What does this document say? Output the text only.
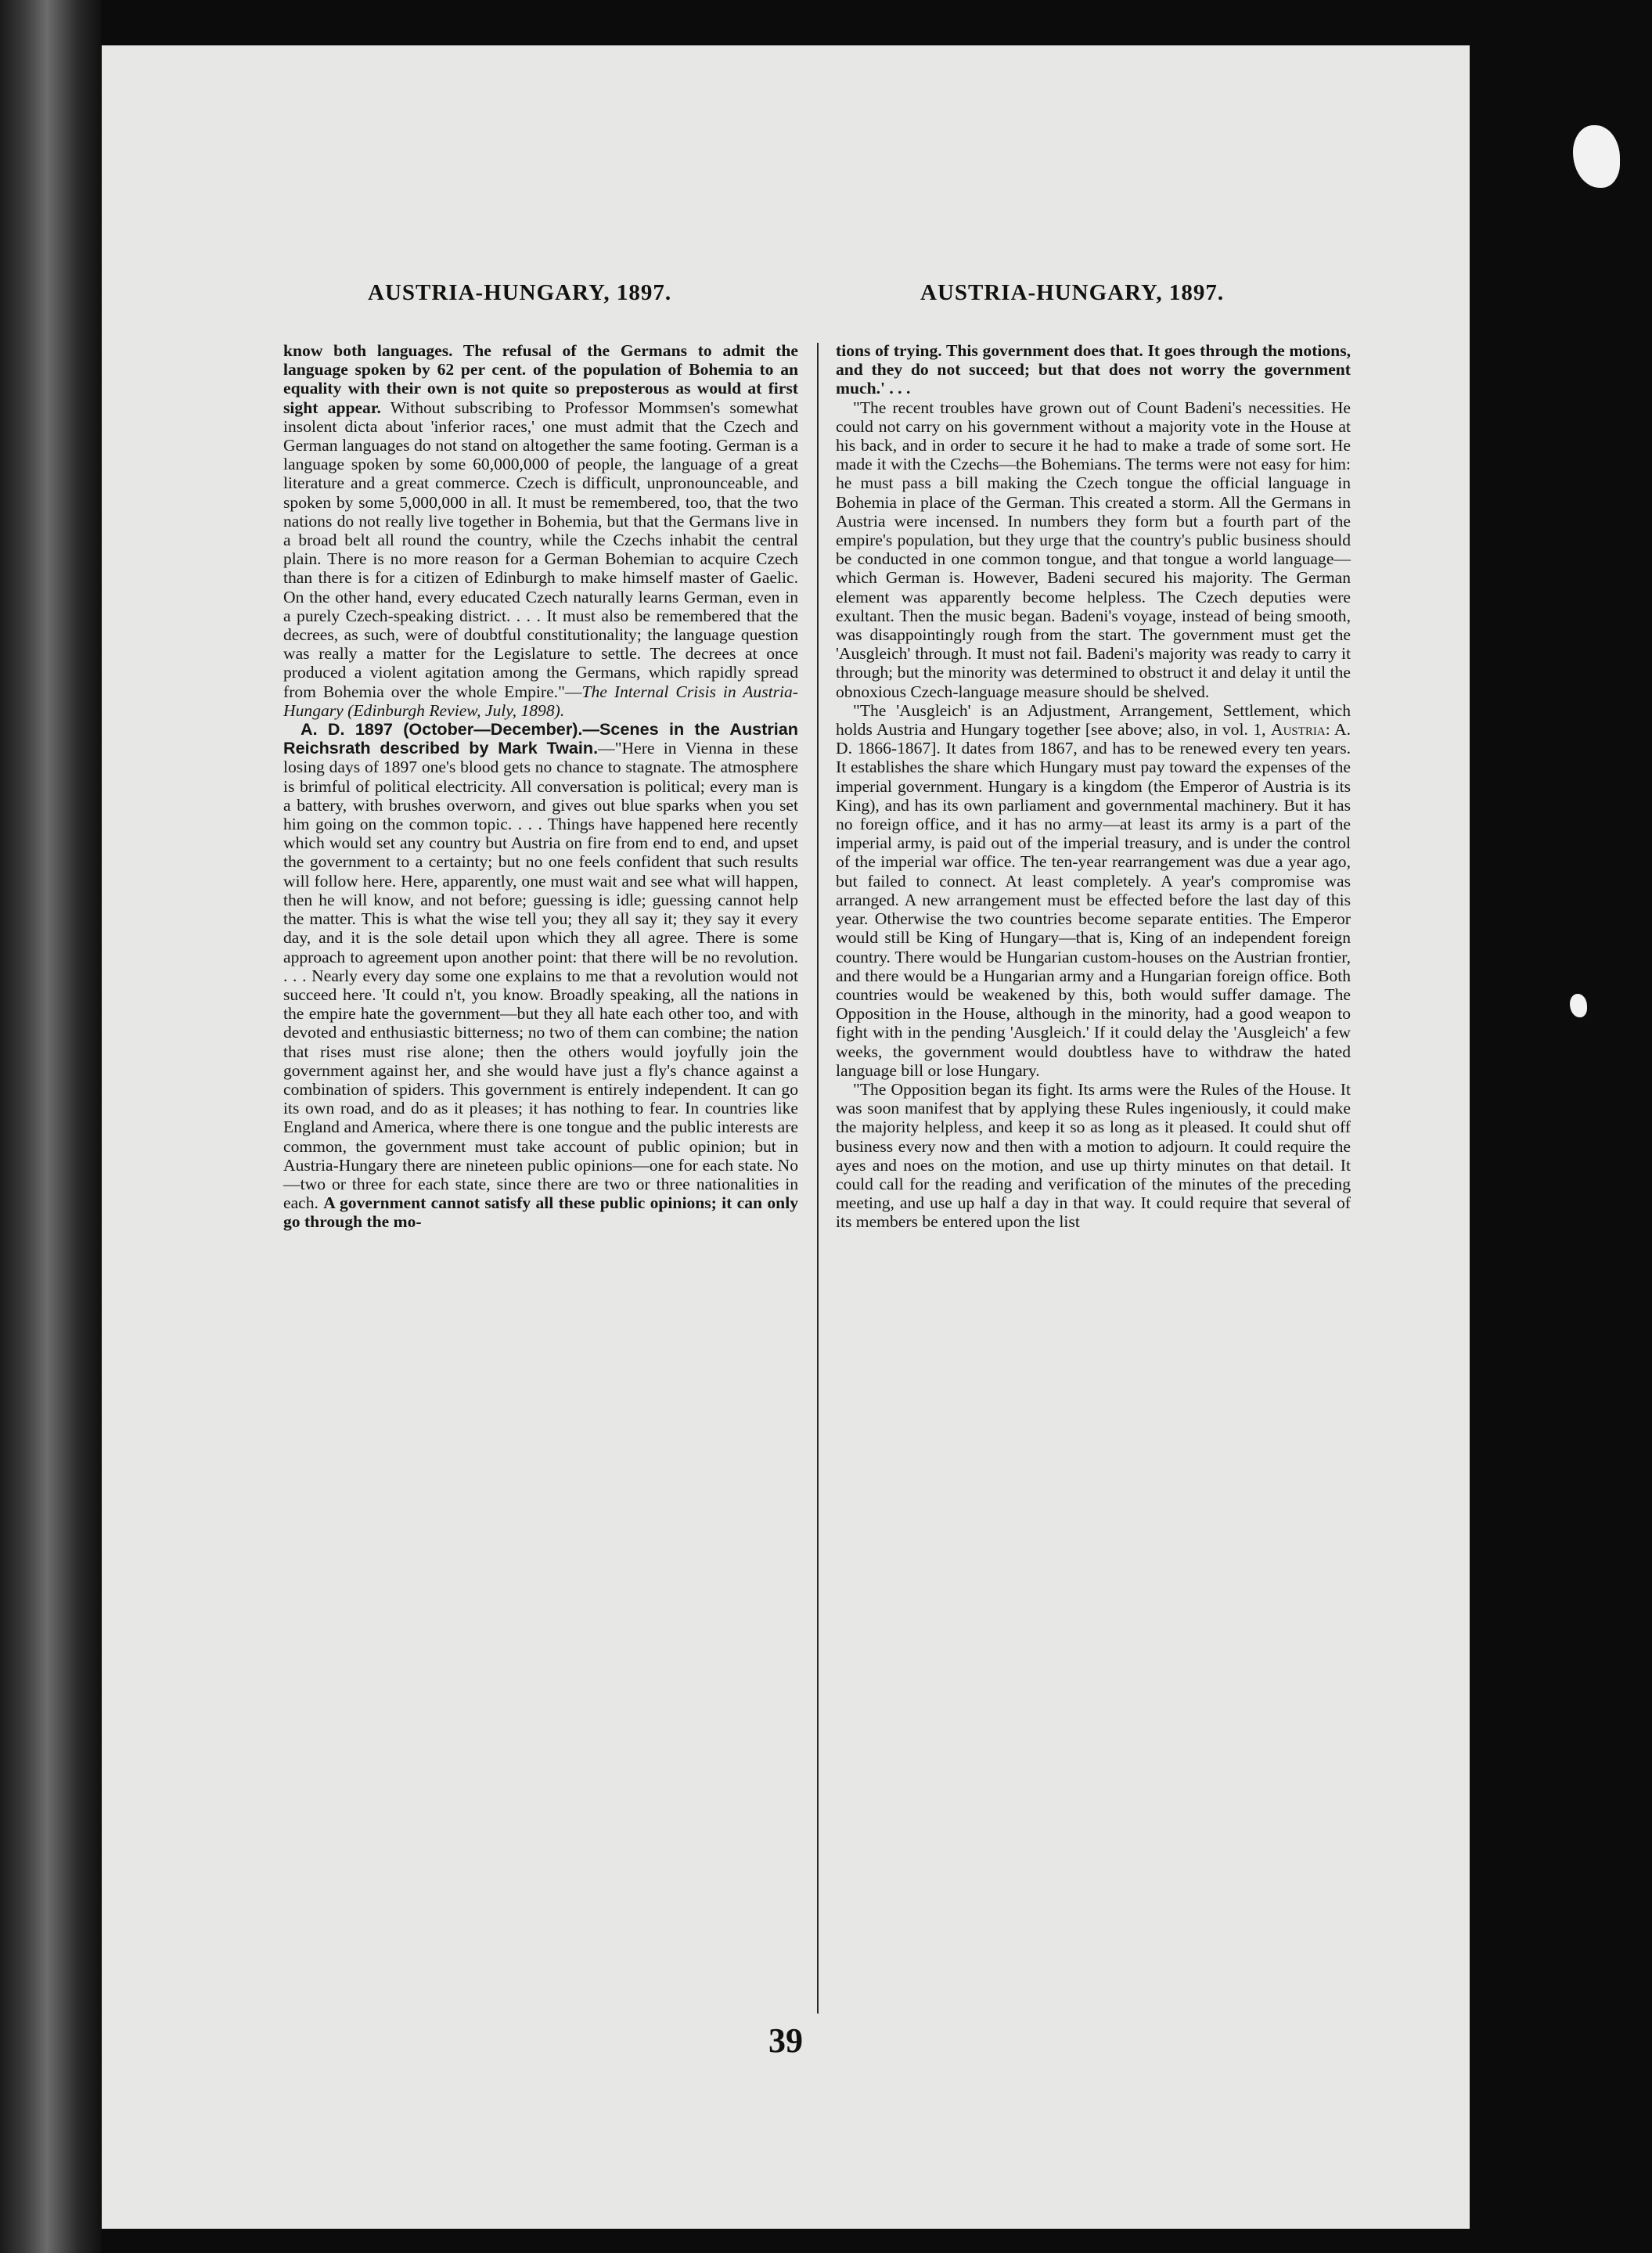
AUSTRIA-HUNGARY, 1897.	AUSTRIA-HUNGARY, 1897.

know both languages. The refusal of the Germans to admit the language spoken by 62 per cent. of the population of Bohemia to an equality with their own is not quite so preposterous as would at first sight appear. Without subscribing to Professor Mommsen's somewhat insolent dicta about 'inferior races,' one must admit that the Czech and German languages do not stand on altogether the same footing. German is a language spoken by some 60,000,000 of people, the language of a great literature and a great commerce. Czech is difficult, unpronounceable, and spoken by some 5,000,000 in all. It must be remembered, too, that the two nations do not really live together in Bohemia, but that the Germans live in a broad belt all round the country, while the Czechs inhabit the central plain. There is no more reason for a German Bohemian to acquire Czech than there is for a citizen of Edinburgh to make himself master of Gaelic. On the other hand, every educated Czech naturally learns German, even in a purely Czech-speaking district. . . . It must also be remembered that the decrees, as such, were of doubtful constitutionality; the language question was really a matter for the Legislature to settle. The decrees at once produced a violent agitation among the Germans, which rapidly spread from Bohemia over the whole Empire."—The Internal Crisis in Austria-Hungary (Edinburgh Review, July, 1898).

A. D. 1897 (October—December).—Scenes in the Austrian Reichsrath described by Mark Twain.—"Here in Vienna in these losing days of 1897 one's blood gets no chance to stagnate. The atmosphere is brimful of political electricity. All conversation is political; every man is a battery, with brushes overworn, and gives out blue sparks when you set him going on the common topic. . . . Things have happened here recently which would set any country but Austria on fire from end to end, and upset the government to a certainty; but no one feels confident that such results will follow here. Here, apparently, one must wait and see what will happen, then he will know, and not before; guessing is idle; guessing cannot help the matter. This is what the wise tell you; they all say it; they say it every day, and it is the sole detail upon which they all agree. There is some approach to agreement upon another point: that there will be no revolution. . . . Nearly every day some one explains to me that a revolution would not succeed here. 'It could n't, you know. Broadly speaking, all the nations in the empire hate the government—but they all hate each other too, and with devoted and enthusiastic bitterness; no two of them can combine; the nation that rises must rise alone; then the others would joyfully join the government against her, and she would have just a fly's chance against a combination of spiders. This government is entirely independent. It can go its own road, and do as it pleases; it has nothing to fear. In countries like England and America, where there is one tongue and the public interests are common, the government must take account of public opinion; but in Austria-Hungary there are nineteen public opinions—one for each state. No—two or three for each state, since there are two or three nationalities in each. A government cannot satisfy all these public opinions; it can only go through the mo-

tions of trying. This government does that. It goes through the motions, and they do not succeed; but that does not worry the government much.' . . .

"The recent troubles have grown out of Count Badeni's necessities. He could not carry on his government without a majority vote in the House at his back, and in order to secure it he had to make a trade of some sort. He made it with the Czechs—the Bohemians. The terms were not easy for him: he must pass a bill making the Czech tongue the official language in Bohemia in place of the German. This created a storm. All the Germans in Austria were incensed. In numbers they form but a fourth part of the empire's population, but they urge that the country's public business should be conducted in one common tongue, and that tongue a world language—which German is. However, Badeni secured his majority. The German element was apparently become helpless. The Czech deputies were exultant. Then the music began. Badeni's voyage, instead of being smooth, was disappointingly rough from the start. The government must get the 'Ausgleich' through. It must not fail. Badeni's majority was ready to carry it through; but the minority was determined to obstruct it and delay it until the obnoxious Czech-language measure should be shelved.

"The 'Ausgleich' is an Adjustment, Arrangement, Settlement, which holds Austria and Hungary together [see above; also, in vol. 1, Austria: A. D. 1866-1867]. It dates from 1867, and has to be renewed every ten years. It establishes the share which Hungary must pay toward the expenses of the imperial government. Hungary is a kingdom (the Emperor of Austria is its King), and has its own parliament and governmental machinery. But it has no foreign office, and it has no army—at least its army is a part of the imperial army, is paid out of the imperial treasury, and is under the control of the imperial war office. The ten-year rearrangement was due a year ago, but failed to connect. At least completely. A year's compromise was arranged. A new arrangement must be effected before the last day of this year. Otherwise the two countries become separate entities. The Emperor would still be King of Hungary—that is, King of an independent foreign country. There would be Hungarian custom-houses on the Austrian frontier, and there would be a Hungarian army and a Hungarian foreign office. Both countries would be weakened by this, both would suffer damage. The Opposition in the House, although in the minority, had a good weapon to fight with in the pending 'Ausgleich.' If it could delay the 'Ausgleich' a few weeks, the government would doubtless have to withdraw the hated language bill or lose Hungary.

"The Opposition began its fight. Its arms were the Rules of the House. It was soon manifest that by applying these Rules ingeniously, it could make the majority helpless, and keep it so as long as it pleased. It could shut off business every now and then with a motion to adjourn. It could require the ayes and noes on the motion, and use up thirty minutes on that detail. It could call for the reading and verification of the minutes of the preceding meeting, and use up half a day in that way. It could require that several of its members be entered upon the list

39
